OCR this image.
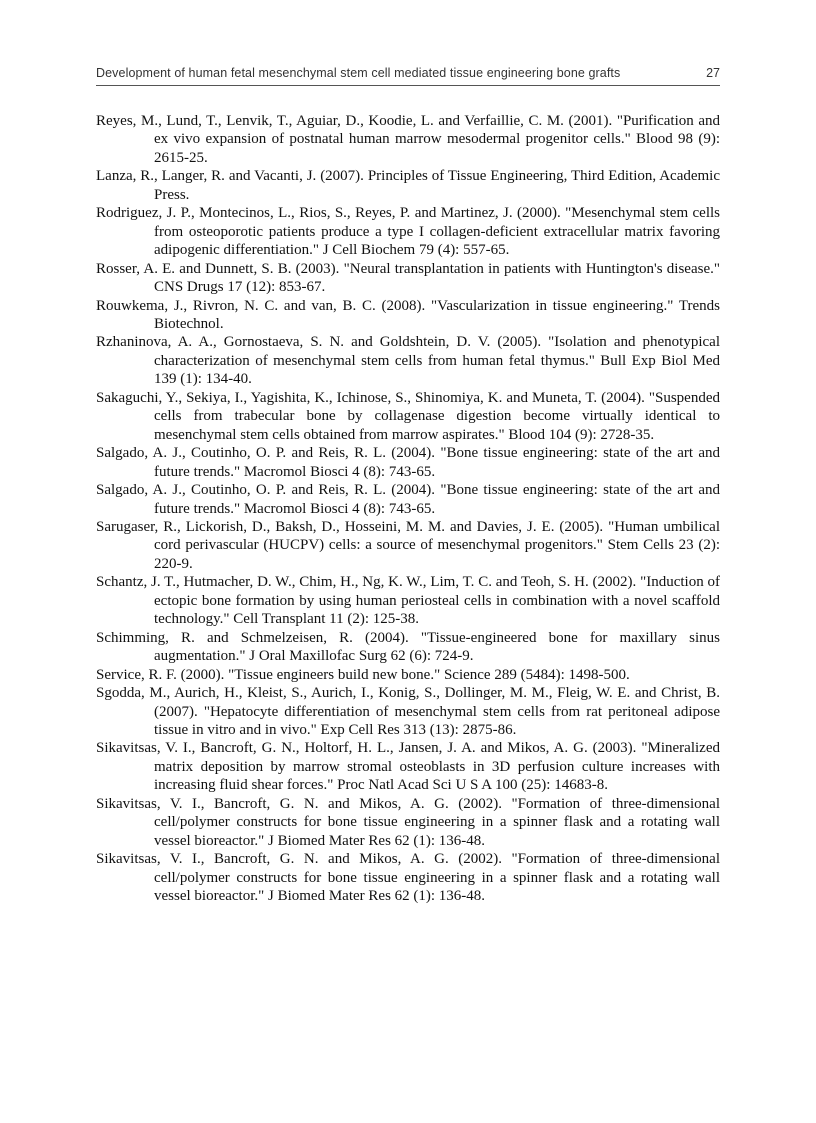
Development of human fetal mesenchymal stem cell mediated tissue engineering bone grafts	27

Reyes, M., Lund, T., Lenvik, T., Aguiar, D., Koodie, L. and Verfaillie, C. M. (2001). "Purification and ex vivo expansion of postnatal human marrow mesodermal progenitor cells." Blood 98 (9): 2615-25.

Lanza, R., Langer, R. and Vacanti, J. (2007). Principles of Tissue Engineering, Third Edition, Academic Press.

Rodriguez, J. P., Montecinos, L., Rios, S., Reyes, P. and Martinez, J. (2000). "Mesenchymal stem cells from osteoporotic patients produce a type I collagen-deficient extracellular matrix favoring adipogenic differentiation." J Cell Biochem 79 (4): 557-65.

Rosser, A. E. and Dunnett, S. B. (2003). "Neural transplantation in patients with Huntington's disease." CNS Drugs 17 (12): 853-67.

Rouwkema, J., Rivron, N. C. and van, B. C. (2008). "Vascularization in tissue engineering." Trends Biotechnol.

Rzhaninova, A. A., Gornostaeva, S. N. and Goldshtein, D. V. (2005). "Isolation and phenotypical characterization of mesenchymal stem cells from human fetal thymus." Bull Exp Biol Med 139 (1): 134-40.

Sakaguchi, Y., Sekiya, I., Yagishita, K., Ichinose, S., Shinomiya, K. and Muneta, T. (2004). "Suspended cells from trabecular bone by collagenase digestion become virtually identical to mesenchymal stem cells obtained from marrow aspirates." Blood 104 (9): 2728-35.

Salgado, A. J., Coutinho, O. P. and Reis, R. L. (2004). "Bone tissue engineering: state of the art and future trends." Macromol Biosci 4 (8): 743-65.

Salgado, A. J., Coutinho, O. P. and Reis, R. L. (2004). "Bone tissue engineering: state of the art and future trends." Macromol Biosci 4 (8): 743-65.

Sarugaser, R., Lickorish, D., Baksh, D., Hosseini, M. M. and Davies, J. E. (2005). "Human umbilical cord perivascular (HUCPV) cells: a source of mesenchymal progenitors." Stem Cells 23 (2): 220-9.

Schantz, J. T., Hutmacher, D. W., Chim, H., Ng, K. W., Lim, T. C. and Teoh, S. H. (2002). "Induction of ectopic bone formation by using human periosteal cells in combination with a novel scaffold technology." Cell Transplant 11 (2): 125-38.

Schimming, R. and Schmelzeisen, R. (2004). "Tissue-engineered bone for maxillary sinus augmentation." J Oral Maxillofac Surg 62 (6): 724-9.

Service, R. F. (2000). "Tissue engineers build new bone." Science 289 (5484): 1498-500.

Sgodda, M., Aurich, H., Kleist, S., Aurich, I., Konig, S., Dollinger, M. M., Fleig, W. E. and Christ, B. (2007). "Hepatocyte differentiation of mesenchymal stem cells from rat peritoneal adipose tissue in vitro and in vivo." Exp Cell Res 313 (13): 2875-86.

Sikavitsas, V. I., Bancroft, G. N., Holtorf, H. L., Jansen, J. A. and Mikos, A. G. (2003). "Mineralized matrix deposition by marrow stromal osteoblasts in 3D perfusion culture increases with increasing fluid shear forces." Proc Natl Acad Sci U S A 100 (25): 14683-8.

Sikavitsas, V. I., Bancroft, G. N. and Mikos, A. G. (2002). "Formation of three-dimensional cell/polymer constructs for bone tissue engineering in a spinner flask and a rotating wall vessel bioreactor." J Biomed Mater Res 62 (1): 136-48.

Sikavitsas, V. I., Bancroft, G. N. and Mikos, A. G. (2002). "Formation of three-dimensional cell/polymer constructs for bone tissue engineering in a spinner flask and a rotating wall vessel bioreactor." J Biomed Mater Res 62 (1): 136-48.
